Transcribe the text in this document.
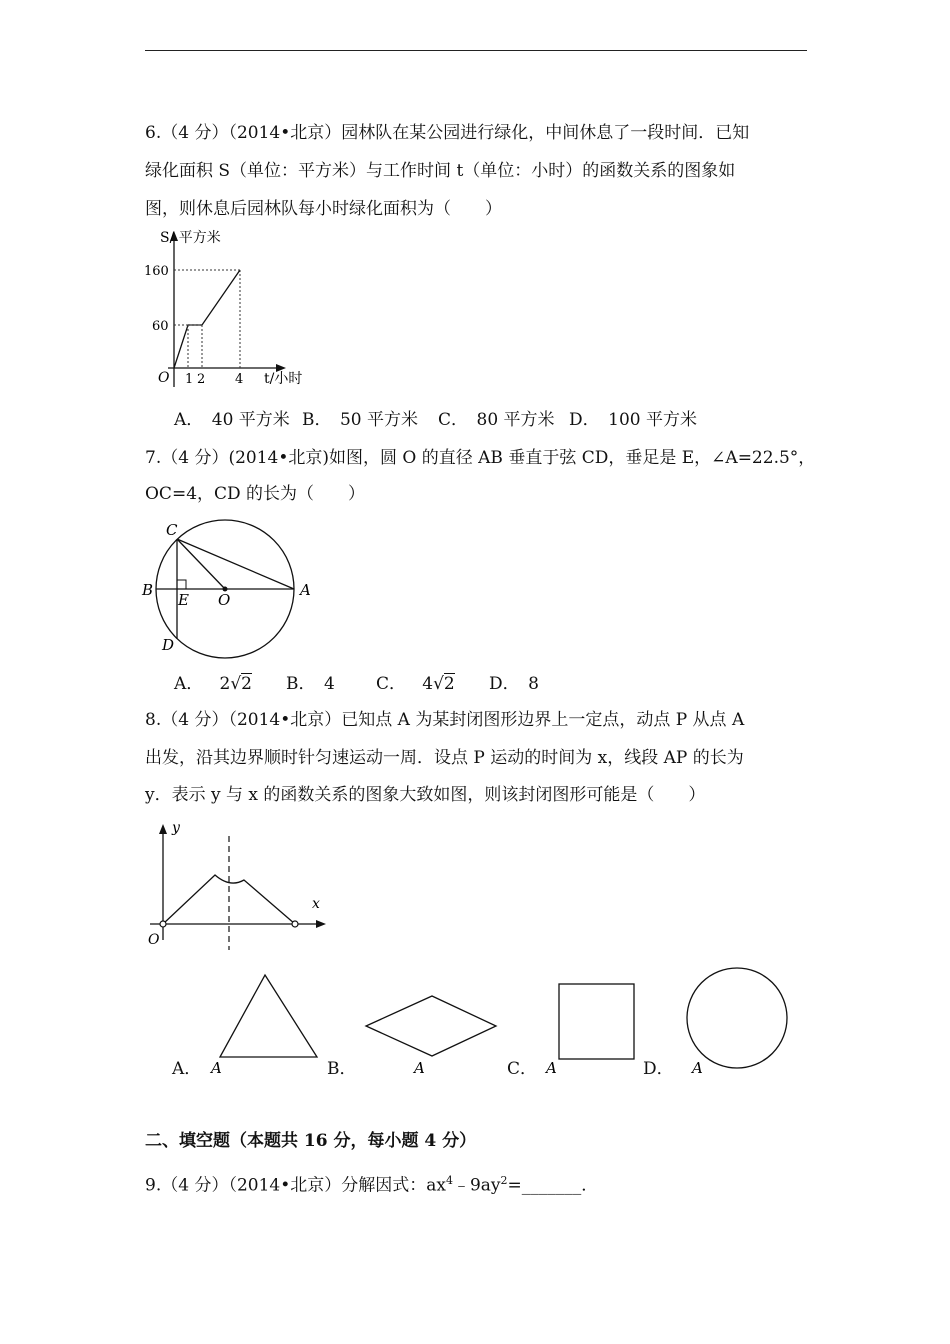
6.（4 分）（2014•北京）园林队在某公园进行绿化，中间休息了一段时间．已知
绿化面积 S（单位：平方米）与工作时间 t（单位：小时）的函数关系的图象如
图，则休息后园林队每小时绿化面积为（　　）
S/ 平方米
160
60
O 1 2 4 t/小时
A．　40 平方米 B．　50 平方米 C．　80 平方米 D．　100 平方米
7.（4 分）(2014•北京)如图，圆 O 的直径 AB 垂直于弦 CD，垂足是 E，∠A=22.5°，
OC=4，CD 的长为（　　）
C
B
E O
A
D
A． 2√2 B．　4 C． 4√2 D．　8
8.（4 分）（2014•北京）已知点 A 为某封闭图形边界上一定点，动点 P 从点 A
出发，沿其边界顺时针匀速运动一周．设点 P 运动的时间为 x，线段 AP 的长为
y．表示 y 与 x 的函数关系的图象大致如图，则该封闭图形可能是（　　）
y
x
O
A． A	B．	A	C． A	D． A
二、填空题（本题共 16 分，每小题 4 分）
9.（4 分）（2014•北京）分解因式：$ax^4﹣9ay^2=\_\_\_\_\_\_\_$．
